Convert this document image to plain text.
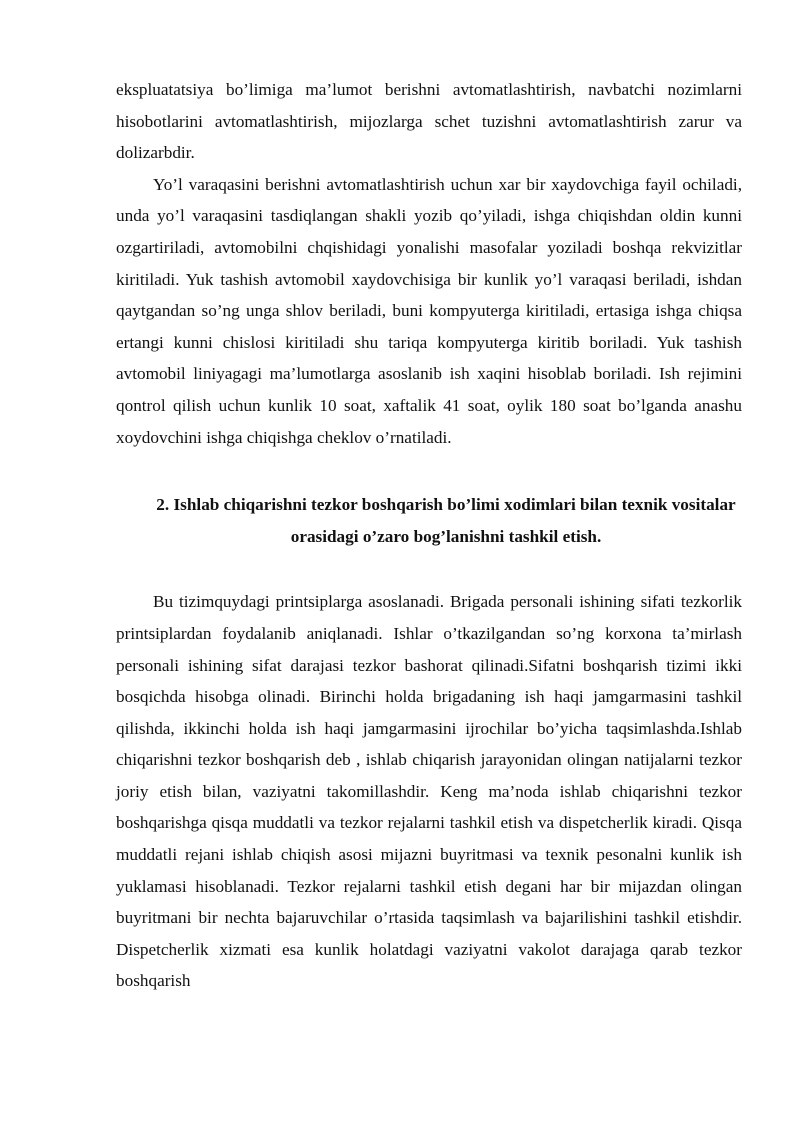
ekspluatatsiya bo’limiga ma’lumot berishni avtomatlashtirish, navbatchi nozimlarni hisobotlarini avtomatlashtirish, mijozlarga schet tuzishni avtomatlashtirish zarur va dolizarbdir.

Yo’l varaqasini berishni avtomatlashtirish uchun xar bir xaydovchiga fayil ochiladi, unda yo’l varaqasini tasdiqlangan shakli yozib qo’yiladi, ishga chiqishdan oldin kunni ozgartiriladi, avtomobilni chqishidagi yonalishi masofalar yoziladi boshqa rekvizitlar kiritiladi. Yuk tashish avtomobil xaydovchisiga bir kunlik yo’l varaqasi beriladi, ishdan qaytgandan so’ng unga shlov beriladi, buni kompyuterga kiritiladi, ertasiga ishga chiqsa ertangi kunni chislosi kiritiladi shu tariqa kompyuterga kiritib boriladi. Yuk tashish avtomobil liniyagagi ma’lumotlarga asoslanib ish xaqini hisoblab boriladi. Ish rejimini qontrol qilish uchun kunlik 10 soat, xaftalik 41 soat, oylik 180 soat bo’lganda anashu xoydovchini ishga chiqishga cheklov o’rnatiladi.

2. Ishlab chiqarishni tezkor boshqarish bo’limi xodimlari bilan texnik vositalar orasidagi o’zaro bog’lanishni tashkil etish.

Bu tizimquydagi printsiplarga asoslanadi. Brigada personali ishining sifati tezkorlik printsiplardan foydalanib aniqlanadi. Ishlar o’tkazilgandan so’ng korxona ta’mirlash personali ishining sifat darajasi tezkor bashorat qilinadi.Sifatni boshqarish tizimi ikki bosqichda hisobga olinadi. Birinchi holda brigadaning ish haqi jamgarmasini tashkil qilishda, ikkinchi holda ish haqi jamgarmasini ijrochilar bo’yicha taqsimlashda.Ishlab chiqarishni tezkor boshqarish deb , ishlab chiqarish jarayonidan olingan natijalarni tezkor joriy etish bilan, vaziyatni takomillashdir. Keng ma’noda ishlab chiqarishni tezkor boshqarishga qisqa muddatli va tezkor rejalarni tashkil etish va dispetcherlik kiradi. Qisqa muddatli rejani ishlab chiqish asosi mijazni buyritmasi va texnik pesonalni kunlik ish yuklamasi hisoblanadi. Tezkor rejalarni tashkil etish degani har bir mijazdan olingan buyritmani bir nechta bajaruvchilar o’rtasida taqsimlash va bajarilishini tashkil etishdir. Dispetcherlik xizmati esa kunlik holatdagi vaziyatni vakolot darajaga qarab tezkor boshqarish
